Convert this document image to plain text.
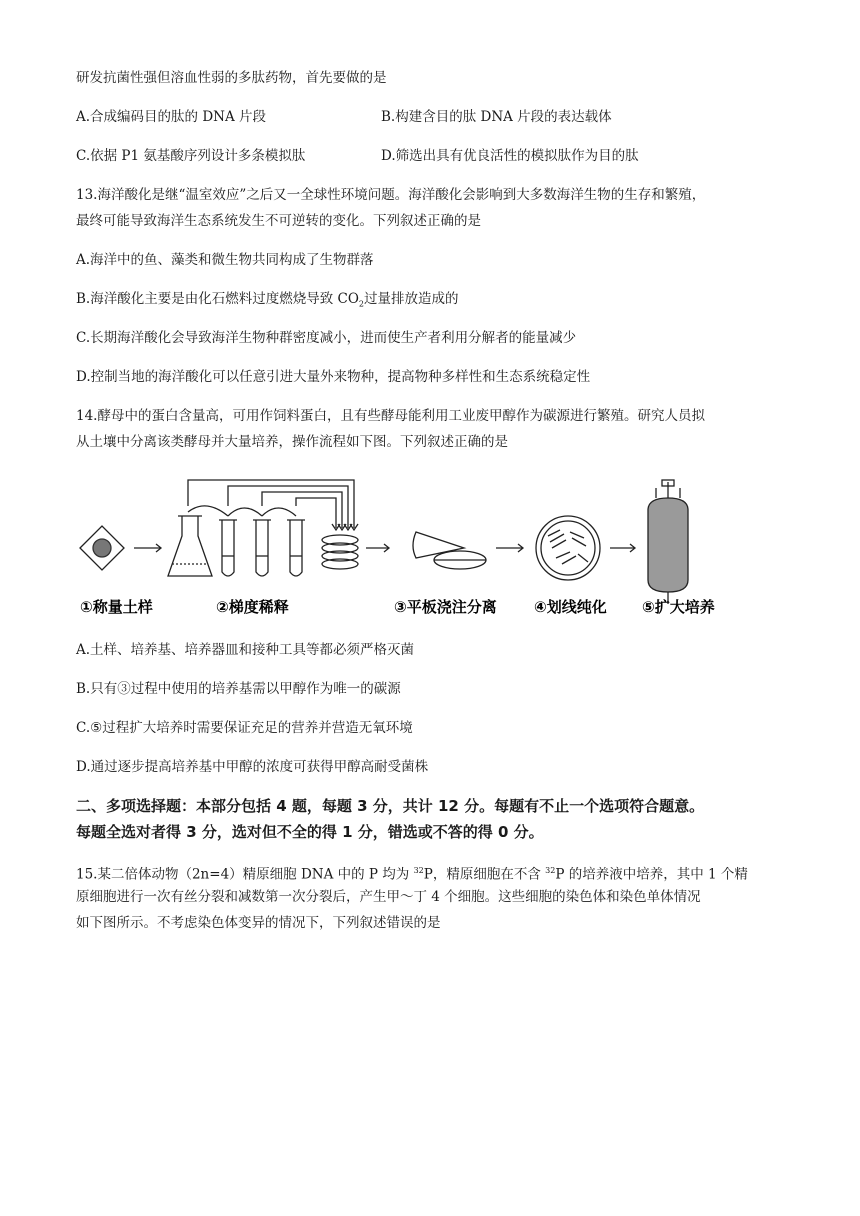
研发抗菌性强但溶血性弱的多肽药物，首先要做的是
A.合成编码目的肽的 DNA 片段	B.构建含目的肽 DNA 片段的表达载体
C.依据 P1 氨基酸序列设计多条模拟肽	D.筛选出具有优良活性的模拟肽作为目的肽
13.海洋酸化是继“温室效应”之后又一全球性环境问题。海洋酸化会影响到大多数海洋生物的生存和繁殖，
最终可能导致海洋生态系统发生不可逆转的变化。下列叙述正确的是
A.海洋中的鱼、藻类和微生物共同构成了生物群落
B.海洋酸化主要是由化石燃料过度燃烧导致 $CO_2$过量排放造成的
C.长期海洋酸化会导致海洋生物种群密度减小，进而使生产者利用分解者的能量减少
D.控制当地的海洋酸化可以任意引进大量外来物种，提高物种多样性和生态系统稳定性
14.酵母中的蛋白含量高，可用作饲料蛋白，且有些酵母能利用工业废甲醇作为碳源进行繁殖。研究人员拟
从土壤中分离该类酵母并大量培养，操作流程如下图。下列叙述正确的是
①称量土样	②梯度稀释	③平板浇注分离 ④划线纯化 ⑤扩大培养
A.土样、培养基、培养器皿和接种工具等都必须严格灭菌
B.只有③过程中使用的培养基需以甲醇作为唯一的碳源
C.⑤过程扩大培养时需要保证充足的营养并营造无氧环境
D.通过逐步提高培养基中甲醇的浓度可获得甲醇高耐受菌株
二、多项选择题：本部分包括 4 题，每题 3 分，共计 12 分。每题有不止一个选项符合题意。
每题全选对者得 3 分，选对但不全的得 1 分，错选或不答的得 0 分。
15.某二倍体动物（2n=4）精原细胞 DNA 中的 P 均为 $^{32}$P，精原细胞在不含 $^{32}$P 的培养液中培养，其中 1 个精
原细胞进行一次有丝分裂和减数第一次分裂后，产生甲～丁 4 个细胞。这些细胞的染色体和染色单体情况
如下图所示。不考虑染色体变异的情况下，下列叙述错误的是
